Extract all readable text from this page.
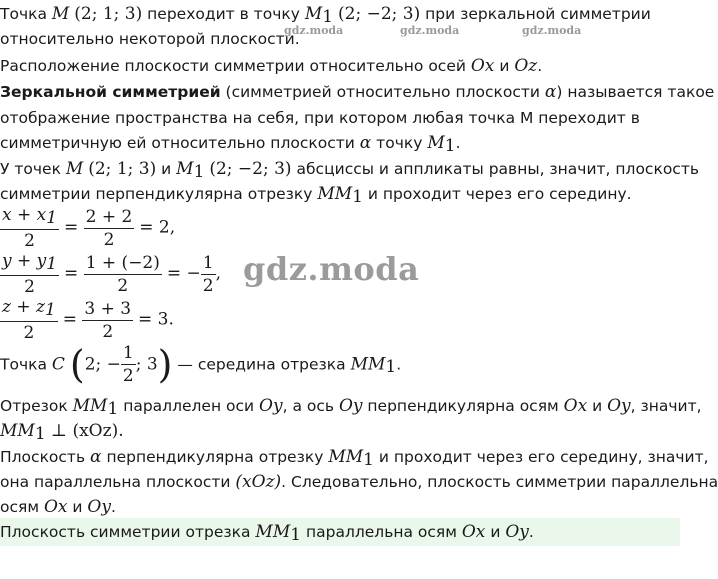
Точка M (2; 1; 3) переходит в точку $M_1$ (2; −2; 3) при зеркальной симметрии
относительно некоторой плоскости.
gdz.moda	gdz.moda	gdz.moda
Расположение плоскости симметрии относительно осей Ox и Oz.
Зеркальной симметрией (симметрией относительно плоскости α) называется такое
отображение пространства на себя, при котором любая точка M переходит в
симметричную ей относительно плоскости α точку $M_1$.
У точек M (2; 1; 3) и $M_1$ (2; −2; 3) абсциссы и аппликаты равны, значит, плоскость
симметрии перпендикулярна отрезку $MM_1$ и проходит через его середину.
$\frac{x + x_1}{2} = \frac{2 + 2}{2} = 2$,
$\frac{y + y_1}{2} = \frac{1 + (-2)}{2}$ = − $\frac{1}{2}$ , gdz.moda
$\frac{z + z_1}{2} = \frac{3 + 3}{2} = 3$.
Точка C (2; − $\frac{1}{2}$ ; 3) — середина отрезка $MM_1$.
Отрезок $MM_1$ параллелен оси Oy, а ось Oy перпендикулярна осям Ox и Oy, значит,
$MM_1$ ⊥ (xOz).
Плоскость α перпендикулярна отрезку $MM_1$ и проходит через его середину, значит,
она параллельна плоскости (xOz). Следовательно, плоскость симметрии параллельна
осям Ox и Oy.
Плоскость симметрии отрезка $MM_1$ параллельна осям Ox и Oy.
